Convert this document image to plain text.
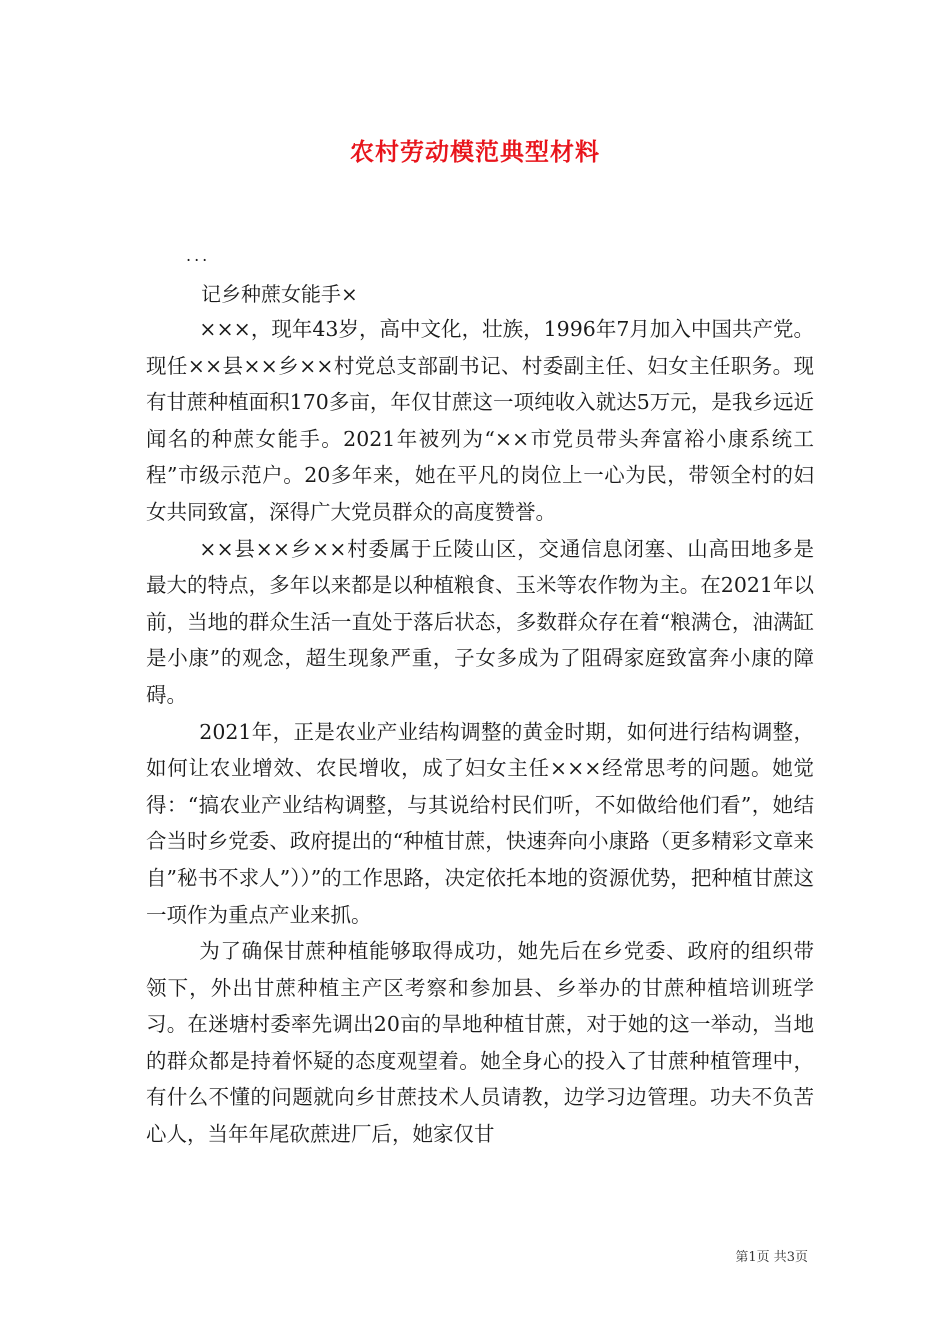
农村劳动模范典型材料
...
记乡种蔗女能手×

×××，现年43岁，高中文化，壮族，1996年7月加入中国共产党。现任××县××乡××村党总支部副书记、村委副主任、妇女主任职务。现有甘蔗种植面积170多亩，年仅甘蔗这一项纯收入就达5万元，是我乡远近闻名的种蔗女能手。2021年被列为“××市党员带头奔富裕小康系统工程”市级示范户。20多年来，她在平凡的岗位上一心为民，带领全村的妇女共同致富，深得广大党员群众的高度赞誉。

××县××乡××村委属于丘陵山区，交通信息闭塞、山高田地多是最大的特点，多年以来都是以种植粮食、玉米等农作物为主。在2021年以前，当地的群众生活一直处于落后状态，多数群众存在着“粮满仓，油满缸是小康”的观念，超生现象严重，子女多成为了阻碍家庭致富奔小康的障碍。

2021年，正是农业产业结构调整的黄金时期，如何进行结构调整，如何让农业增效、农民增收，成了妇女主任×××经常思考的问题。她觉得：“搞农业产业结构调整，与其说给村民们听，不如做给他们看”，她结合当时乡党委、政府提出的“种植甘蔗，快速奔向小康路（更多精彩文章来自”秘书不求人”））”的工作思路，决定依托本地的资源优势，把种植甘蔗这一项作为重点产业来抓。

为了确保甘蔗种植能够取得成功，她先后在乡党委、政府的组织带领下，外出甘蔗种植主产区考察和参加县、乡举办的甘蔗种植培训班学习。在迷塘村委率先调出20亩的旱地种植甘蔗，对于她的这一举动，当地的群众都是持着怀疑的态度观望着。她全身心的投入了甘蔗种植管理中，有什么不懂的问题就向乡甘蔗技术人员请教，边学习边管理。功夫不负苦心人，当年年尾砍蔗进厂后，她家仅甘

第1页 共3页
